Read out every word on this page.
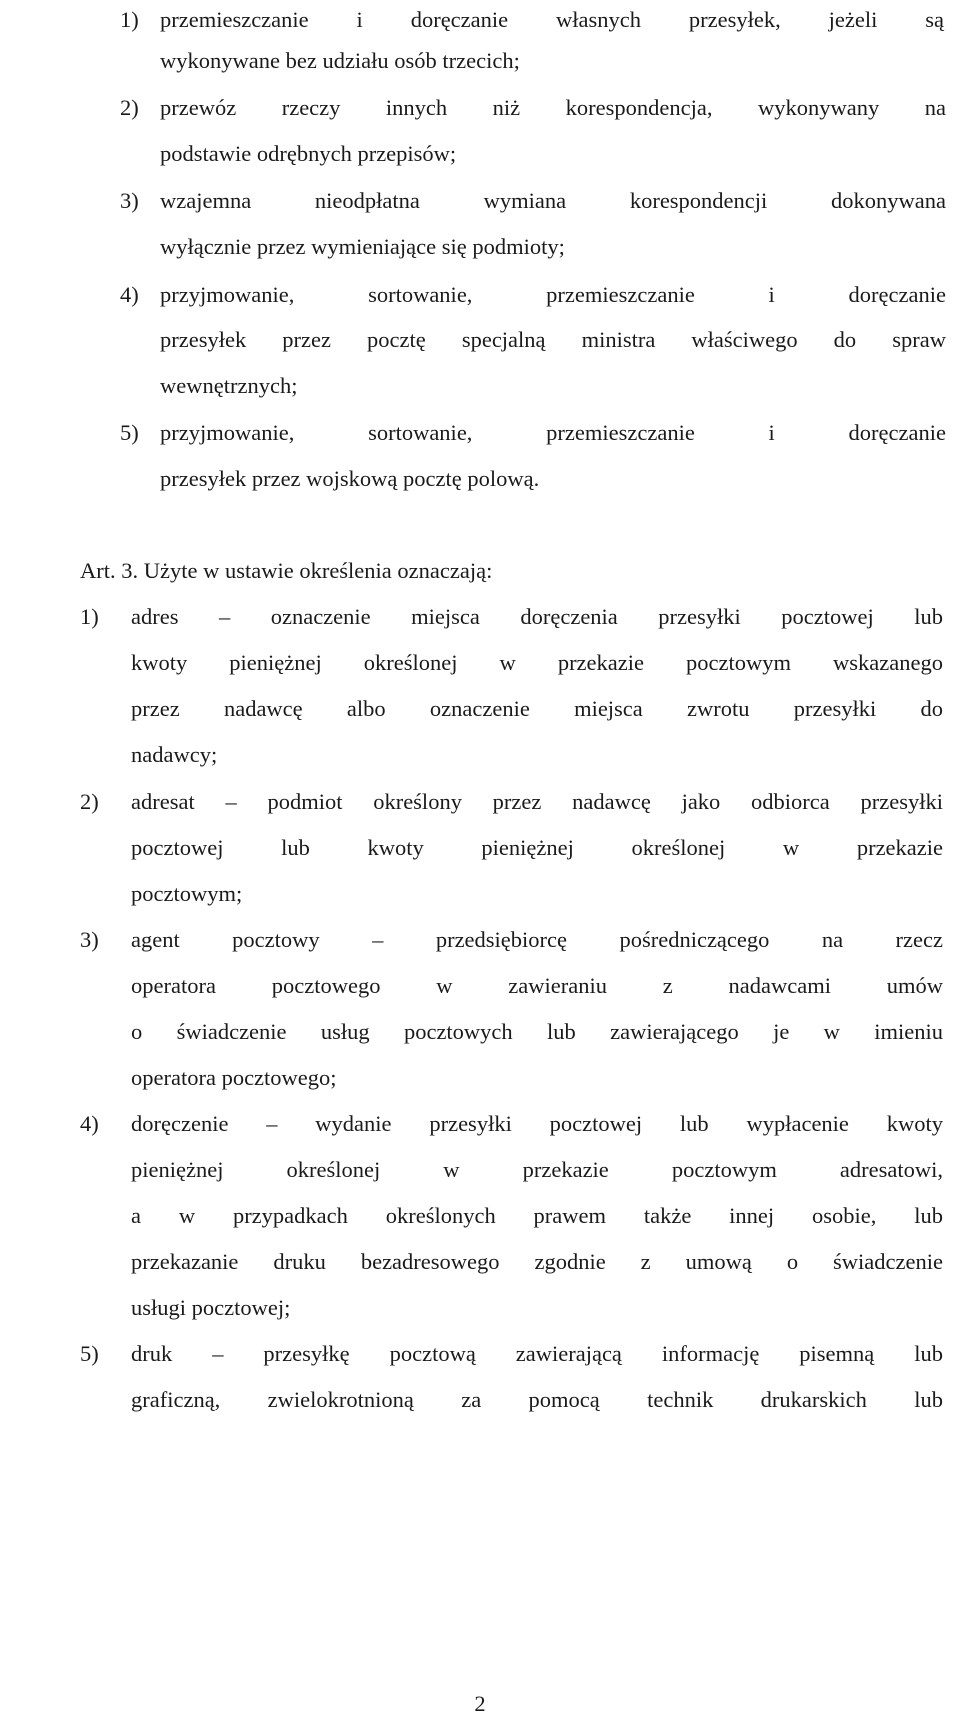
1) przemieszczanie i doręczanie własnych przesyłek, jeżeli są
wykonywane bez udziału osób trzecich;
2) przewóz rzeczy innych niż korespondencja, wykonywany na
podstawie odrębnych przepisów;
3) wzajemna nieodpłatna wymiana korespondencji dokonywana
wyłącznie przez wymieniające się podmioty;
4) przyjmowanie, sortowanie, przemieszczanie i doręczanie
przesyłek przez pocztę specjalną ministra właściwego do spraw
wewnętrznych;
5) przyjmowanie, sortowanie, przemieszczanie i doręczanie
przesyłek przez wojskową pocztę polową.
Art. 3. Użyte w ustawie określenia oznaczają:
1) adres – oznaczenie miejsca doręczenia przesyłki pocztowej lub
kwoty pieniężnej określonej w przekazie pocztowym wskazanego
przez nadawcę albo oznaczenie miejsca zwrotu przesyłki do
nadawcy;
2) adresat – podmiot określony przez nadawcę jako odbiorca przesyłki
pocztowej lub kwoty pieniężnej określonej w przekazie
pocztowym;
3) agent pocztowy – przedsiębiorcę pośredniczącego na rzecz
operatora pocztowego w zawieraniu z nadawcami umów
o świadczenie usług pocztowych lub zawierającego je w imieniu
operatora pocztowego;
4) doręczenie – wydanie przesyłki pocztowej lub wypłacenie kwoty
pieniężnej określonej w przekazie pocztowym adresatowi,
a w przypadkach określonych prawem także innej osobie, lub
przekazanie druku bezadresowego zgodnie z umową o świadczenie
usługi pocztowej;
5) druk – przesyłkę pocztową zawierającą informację pisemną lub
graficzną, zwielokrotnioną za pomocą technik drukarskich lub
2
